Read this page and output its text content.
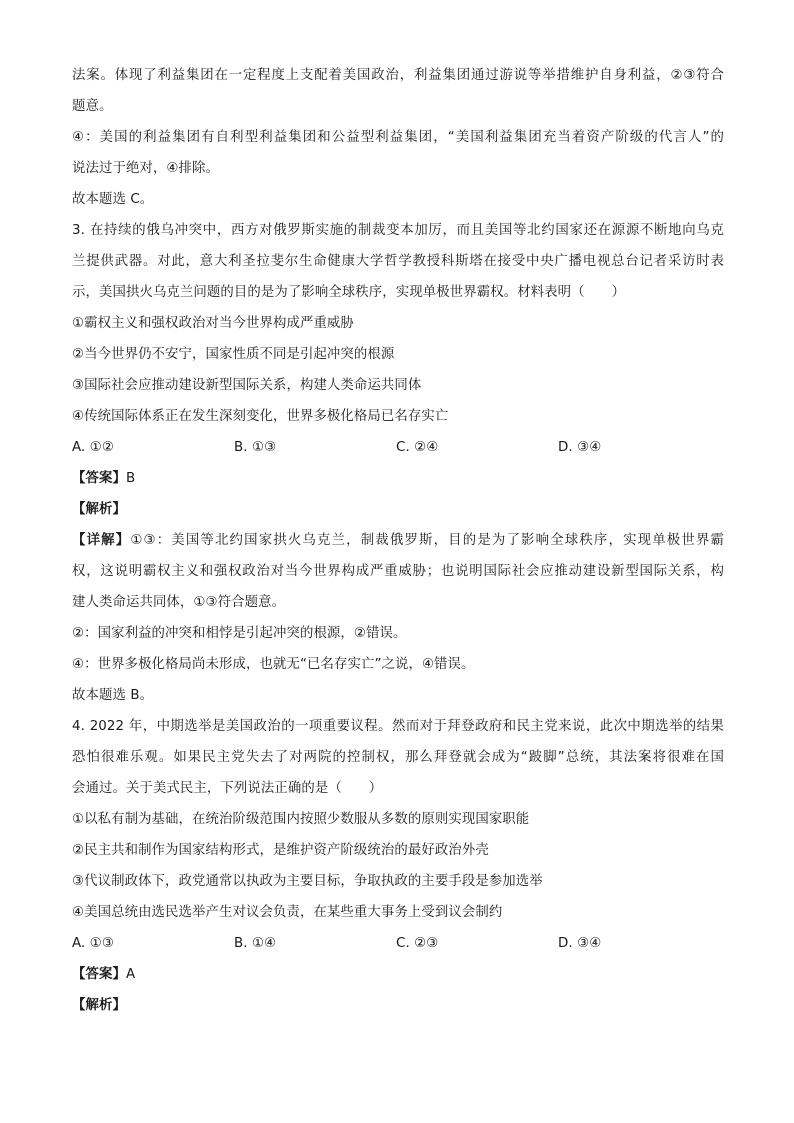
法案。体现了利益集团在一定程度上支配着美国政治，利益集团通过游说等举措维护自身利益，②③符合
题意。
④：美国的利益集团有自利型利益集团和公益型利益集团，“美国利益集团充当着资产阶级的代言人”的
说法过于绝对，④排除。
故本题选 C。
3. 在持续的俄乌冲突中，西方对俄罗斯实施的制裁变本加厉，而且美国等北约国家还在源源不断地向乌克
兰提供武器。对此，意大利圣拉斐尔生命健康大学哲学教授科斯塔在接受中央广播电视总台记者采访时表
示，美国拱火乌克兰问题的目的是为了影响全球秩序，实现单极世界霸权。材料表明（　　）
①霸权主义和强权政治对当今世界构成严重威胁
②当今世界仍不安宁，国家性质不同是引起冲突的根源
③国际社会应推动建设新型国际关系，构建人类命运共同体
④传统国际体系正在发生深刻变化，世界多极化格局已名存实亡
A. ①②	B. ①③	C. ②④	D. ③④
【答案】B
【解析】
【详解】①③：美国等北约国家拱火乌克兰，制裁俄罗斯，目的是为了影响全球秩序，实现单极世界霸
权，这说明霸权主义和强权政治对当今世界构成严重威胁；也说明国际社会应推动建设新型国际关系，构
建人类命运共同体，①③符合题意。
②：国家利益的冲突和相悖是引起冲突的根源，②错误。
④：世界多极化格局尚未形成，也就无“已名存实亡”之说，④错误。
故本题选 B。
4. 2022 年，中期选举是美国政治的一项重要议程。然而对于拜登政府和民主党来说，此次中期选举的结果
恐怕很难乐观。如果民主党失去了对两院的控制权，那么拜登就会成为“跛脚”总统，其法案将很难在国
会通过。关于美式民主，下列说法正确的是（　　）
①以私有制为基础，在统治阶级范围内按照少数服从多数的原则实现国家职能
②民主共和制作为国家结构形式，是维护资产阶级统治的最好政治外壳
③代议制政体下，政党通常以执政为主要目标，争取执政的主要手段是参加选举
④美国总统由选民选举产生对议会负责，在某些重大事务上受到议会制约
A. ①③	B. ①④	C. ②③	D. ③④
【答案】A
【解析】
